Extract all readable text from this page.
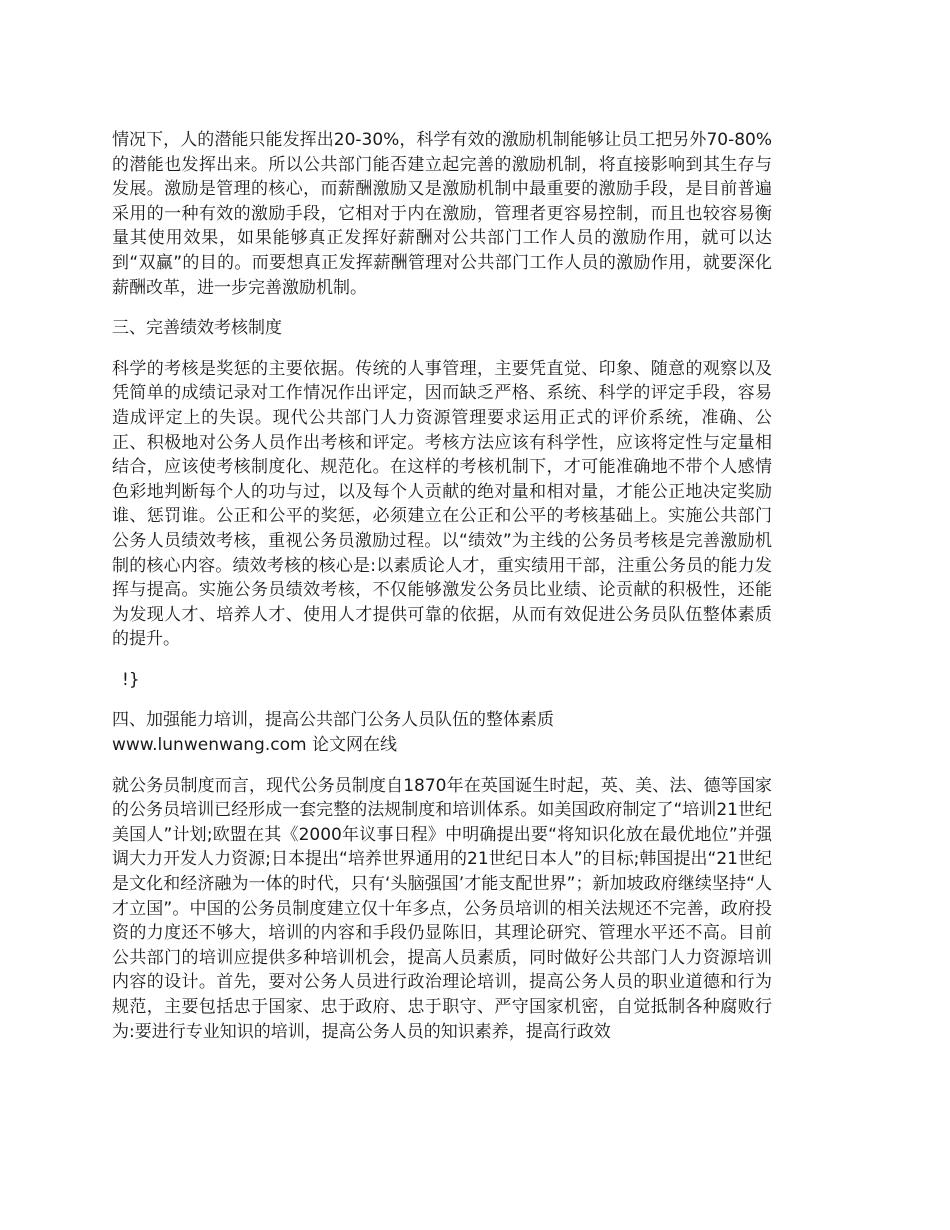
情况下，人的潜能只能发挥出20-30%，科学有效的激励机制能够让员工把另外70-80%的潜能也发挥出来。所以公共部门能否建立起完善的激励机制，将直接影响到其生存与发展。激励是管理的核心，而薪酬激励又是激励机制中最重要的激励手段，是目前普遍采用的一种有效的激励手段，它相对于内在激励，管理者更容易控制，而且也较容易衡量其使用效果，如果能够真正发挥好薪酬对公共部门工作人员的激励作用，就可以达到“双赢”的目的。而要想真正发挥薪酬管理对公共部门工作人员的激励作用，就要深化薪酬改革，进一步完善激励机制。

三、完善绩效考核制度

科学的考核是奖惩的主要依据。传统的人事管理，主要凭直觉、印象、随意的观察以及凭简单的成绩记录对工作情况作出评定，因而缺乏严格、系统、科学的评定手段，容易造成评定上的失误。现代公共部门人力资源管理要求运用正式的评价系统，准确、公正、积极地对公务人员作出考核和评定。考核方法应该有科学性，应该将定性与定量相结合，应该使考核制度化、规范化。在这样的考核机制下，才可能准确地不带个人感情色彩地判断每个人的功与过，以及每个人贡献的绝对量和相对量，才能公正地决定奖励谁、惩罚谁。公正和公平的奖惩，必须建立在公正和公平的考核基础上。实施公共部门公务人员绩效考核，重视公务员激励过程。以“绩效”为主线的公务员考核是完善激励机制的核心内容。绩效考核的核心是:以素质论人才，重实绩用干部，注重公务员的能力发挥与提高。实施公务员绩效考核，不仅能够激发公务员比业绩、论贡献的积极性，还能为发现人才、培养人才、使用人才提供可靠的依据，从而有效促进公务员队伍整体素质的提升。

!}

四、加强能力培训，提高公共部门公务人员队伍的整体素质

www.lunwenwang.com 论文网在线

就公务员制度而言，现代公务员制度自1870年在英国诞生时起，英、美、法、德等国家的公务员培训已经形成一套完整的法规制度和培训体系。如美国政府制定了“培训21世纪美国人”计划;欧盟在其《2000年议事日程》中明确提出要“将知识化放在最优地位”并强调大力开发人力资源;日本提出“培养世界通用的21世纪日本人”的目标;韩国提出“21世纪是文化和经济融为一体的时代，只有‘头脑强国’才能支配世界”；新加坡政府继续坚持“人才立国”。中国的公务员制度建立仅十年多点，公务员培训的相关法规还不完善，政府投资的力度还不够大，培训的内容和手段仍显陈旧，其理论研究、管理水平还不高。目前公共部门的培训应提供多种培训机会，提高人员素质，同时做好公共部门人力资源培训内容的设计。首先，要对公务人员进行政治理论培训，提高公务人员的职业道德和行为规范，主要包括忠于国家、忠于政府、忠于职守、严守国家机密，自觉抵制各种腐败行为:要进行专业知识的培训，提高公务人员的知识素养，提高行政效
